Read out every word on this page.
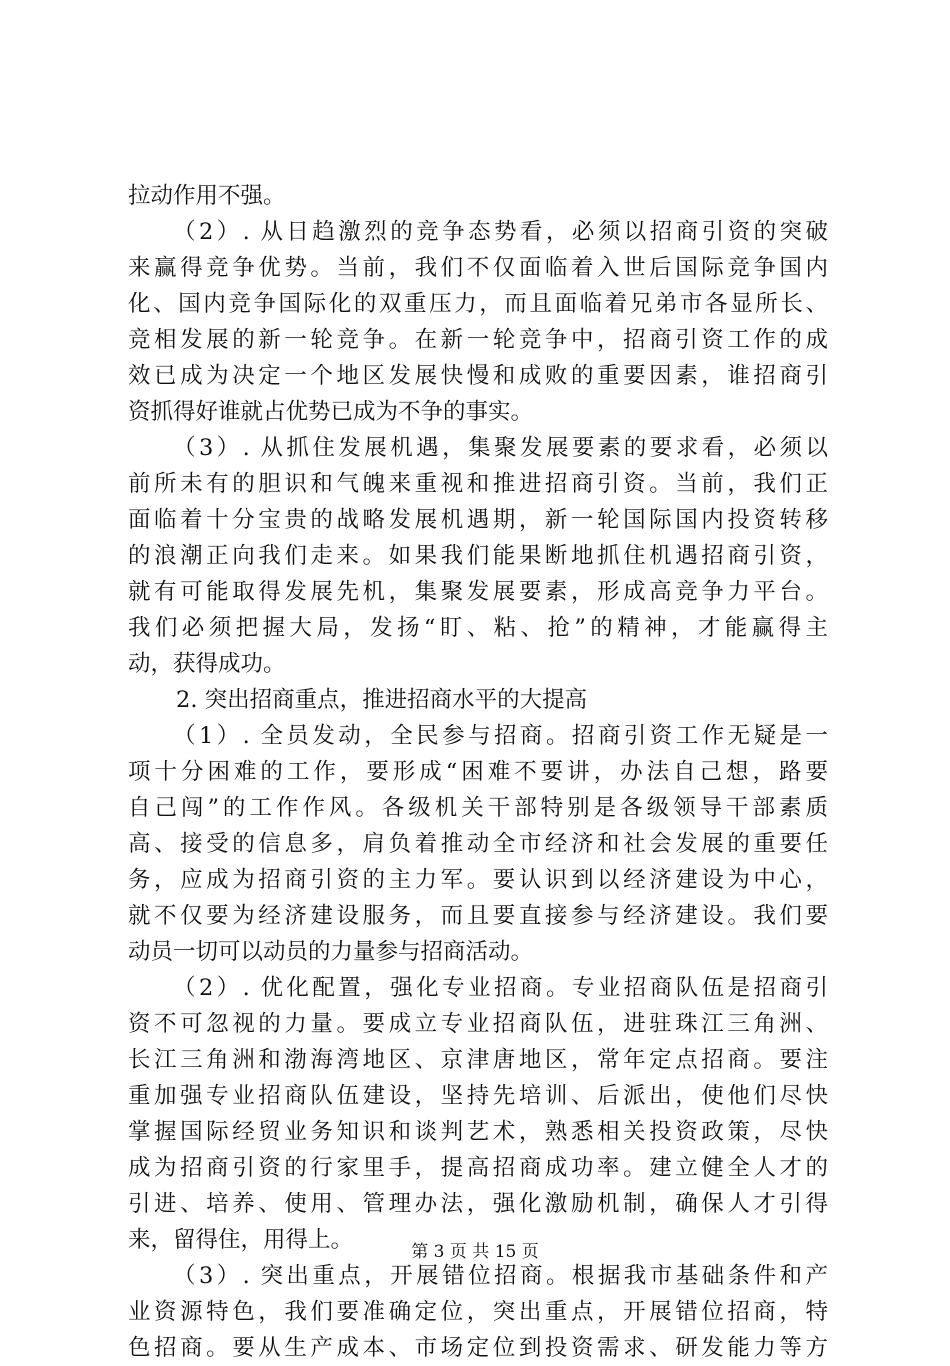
拉动作用不强。
（2）. 从日趋激烈的竞争态势看，必须以招商引资的突破
来赢得竞争优势。当前，我们不仅面临着入世后国际竞争国内
化、国内竞争国际化的双重压力，而且面临着兄弟市各显所长、
竞相发展的新一轮竞争。在新一轮竞争中，招商引资工作的成
效已成为决定一个地区发展快慢和成败的重要因素，谁招商引
资抓得好谁就占优势已成为不争的事实。
（3）. 从抓住发展机遇，集聚发展要素的要求看，必须以
前所未有的胆识和气魄来重视和推进招商引资。当前，我们正
面临着十分宝贵的战略发展机遇期，新一轮国际国内投资转移
的浪潮正向我们走来。如果我们能果断地抓住机遇招商引资，
就有可能取得发展先机，集聚发展要素，形成高竞争力平台。
我们必须把握大局，发扬“盯、粘、抢”的精神，才能赢得主
动，获得成功。
2. 突出招商重点，推进招商水平的大提高
（1）. 全员发动，全民参与招商。招商引资工作无疑是一
项十分困难的工作，要形成“困难不要讲，办法自己想，路要
自己闯”的工作作风。各级机关干部特别是各级领导干部素质
高、接受的信息多，肩负着推动全市经济和社会发展的重要任
务，应成为招商引资的主力军。要认识到以经济建设为中心，
就不仅要为经济建设服务，而且要直接参与经济建设。我们要
动员一切可以动员的力量参与招商活动。
（2）. 优化配置，强化专业招商。专业招商队伍是招商引
资不可忽视的力量。要成立专业招商队伍，进驻珠江三角洲、
长江三角洲和渤海湾地区、京津唐地区，常年定点招商。要注
重加强专业招商队伍建设，坚持先培训、后派出，使他们尽快
掌握国际经贸业务知识和谈判艺术，熟悉相关投资政策，尽快
成为招商引资的行家里手，提高招商成功率。建立健全人才的
引进、培养、使用、管理办法，强化激励机制，确保人才引得
来，留得住，用得上。
（3）. 突出重点，开展错位招商。根据我市基础条件和产
业资源特色，我们要准确定位，突出重点，开展错位招商，特
色招商。要从生产成本、市场定位到投资需求、研发能力等方
第 3 页 共 15 页
